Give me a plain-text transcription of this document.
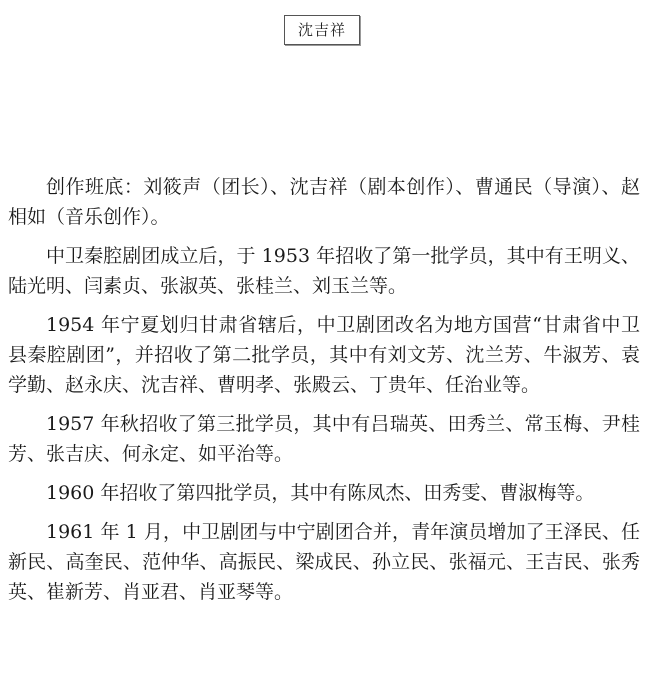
沈吉祥

创作班底：刘筱声（团长）、沈吉祥（剧本创作）、曹通民（导演）、赵相如（音乐创作）。

中卫秦腔剧团成立后，于 1953 年招收了第一批学员，其中有王明义、陆光明、闫素贞、张淑英、张桂兰、刘玉兰等。

1954 年宁夏划归甘肃省辖后，中卫剧团改名为地方国营“甘肃省中卫县秦腔剧团”，并招收了第二批学员，其中有刘文芳、沈兰芳、牛淑芳、袁学勤、赵永庆、沈吉祥、曹明孝、张殿云、丁贵年、任治业等。

1957 年秋招收了第三批学员，其中有吕瑞英、田秀兰、常玉梅、尹桂芳、张吉庆、何永定、如平治等。

1960 年招收了第四批学员，其中有陈凤杰、田秀雯、曹淑梅等。

1961 年 1 月，中卫剧团与中宁剧团合并，青年演员增加了王泽民、任新民、高奎民、范仲华、高振民、梁成民、孙立民、张福元、王吉民、张秀英、崔新芳、肖亚君、肖亚琴等。
